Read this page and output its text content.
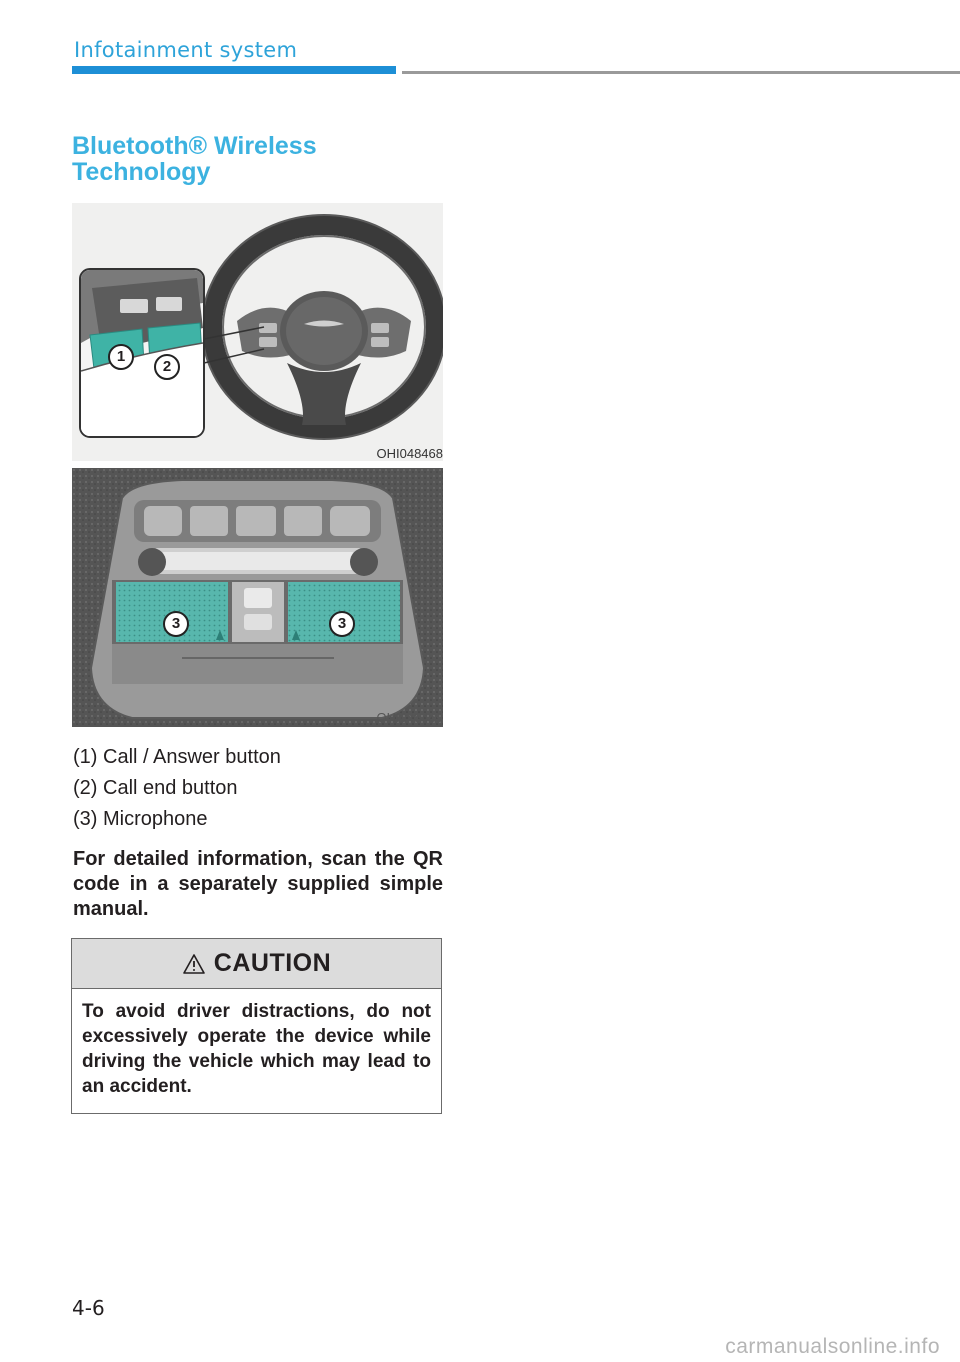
Infotainment system
Bluetooth® Wireless Technology
1
2
OHI048468
3	3
OHI048469
(1) Call / Answer button
(2) Call end button
(3) Microphone
For detailed information, scan the QR code in a separately supplied simple manual.
CAUTION
To avoid driver distractions, do not excessively operate the device while driving the vehicle which may lead to an accident.
4-6
carmanualsonline.info
